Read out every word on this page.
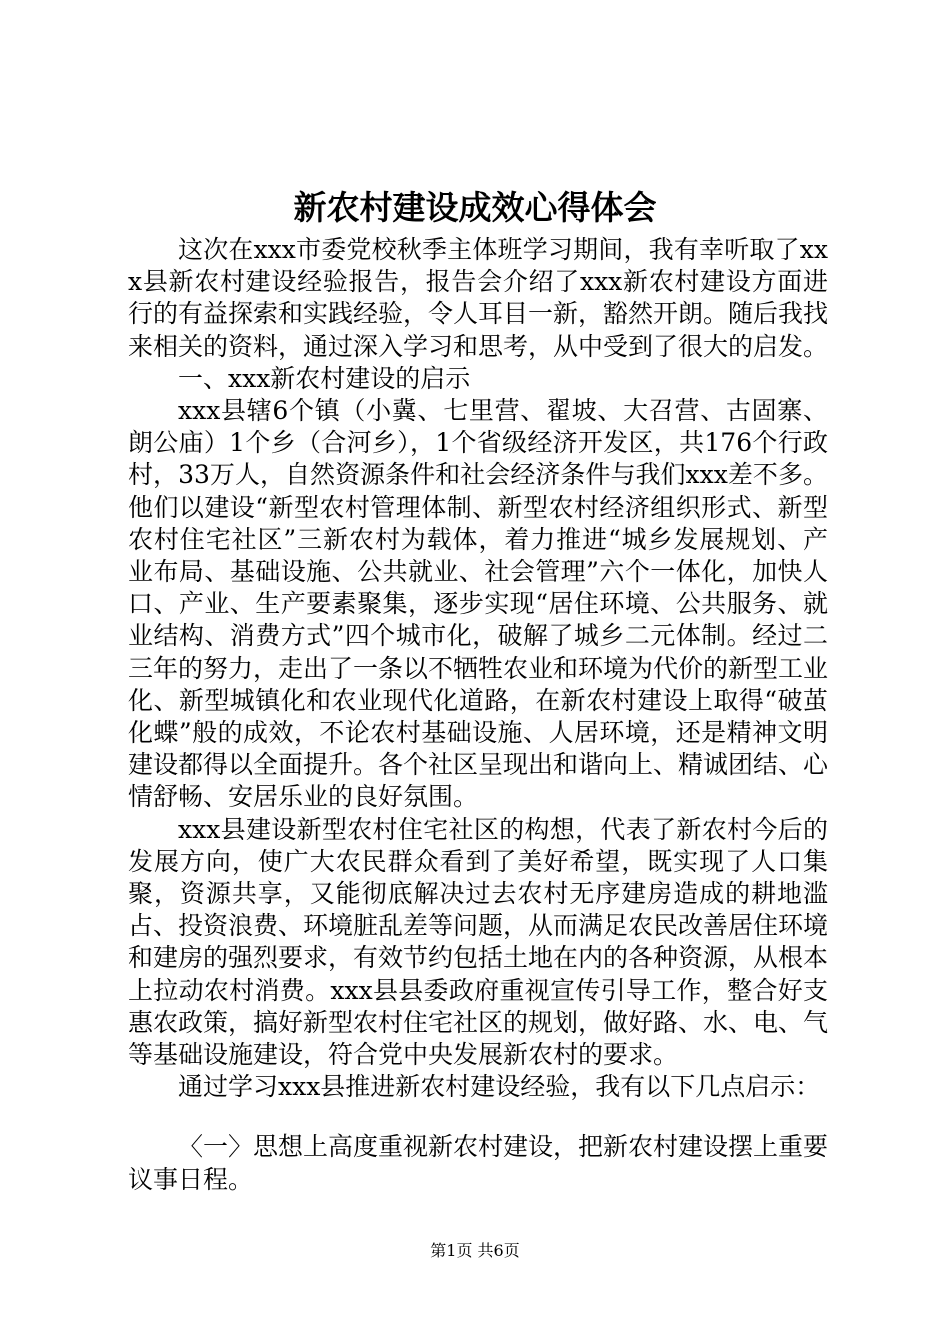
新农村建设成效心得体会

这次在xxx市委党校秋季主体班学习期间，我有幸听取了xxx县新农村建设经验报告，报告会介绍了xxx新农村建设方面进行的有益探索和实践经验，令人耳目一新，豁然开朗。随后我找来相关的资料，通过深入学习和思考，从中受到了很大的启发。

一、xxx新农村建设的启示

xxx县辖6个镇（小冀、七里营、翟坡、大召营、古固寨、朗公庙）1个乡（合河乡），1个省级经济开发区，共176个行政村，33万人，自然资源条件和社会经济条件与我们xxx差不多。他们以建设“新型农村管理体制、新型农村经济组织形式、新型农村住宅社区”三新农村为载体，着力推进“城乡发展规划、产业布局、基础设施、公共就业、社会管理”六个一体化，加快人口、产业、生产要素聚集，逐步实现“居住环境、公共服务、就业结构、消费方式”四个城市化，破解了城乡二元体制。经过二三年的努力，走出了一条以不牺牲农业和环境为代价的新型工业化、新型城镇化和农业现代化道路，在新农村建设上取得“破茧化蝶”般的成效，不论农村基础设施、人居环境，还是精神文明建设都得以全面提升。各个社区呈现出和谐向上、精诚团结、心情舒畅、安居乐业的良好氛围。

xxx县建设新型农村住宅社区的构想，代表了新农村今后的发展方向，使广大农民群众看到了美好希望，既实现了人口集聚，资源共享，又能彻底解决过去农村无序建房造成的耕地滥占、投资浪费、环境脏乱差等问题，从而满足农民改善居住环境和建房的强烈要求，有效节约包括土地在内的各种资源，从根本上拉动农村消费。xxx县县委政府重视宣传引导工作，整合好支惠农政策，搞好新型农村住宅社区的规划，做好路、水、电、气等基础设施建设，符合党中央发展新农村的要求。

通过学习xxx县推进新农村建设经验，我有以下几点启示：

〈一〉思想上高度重视新农村建设，把新农村建设摆上重要议事日程。

第1页 共6页
